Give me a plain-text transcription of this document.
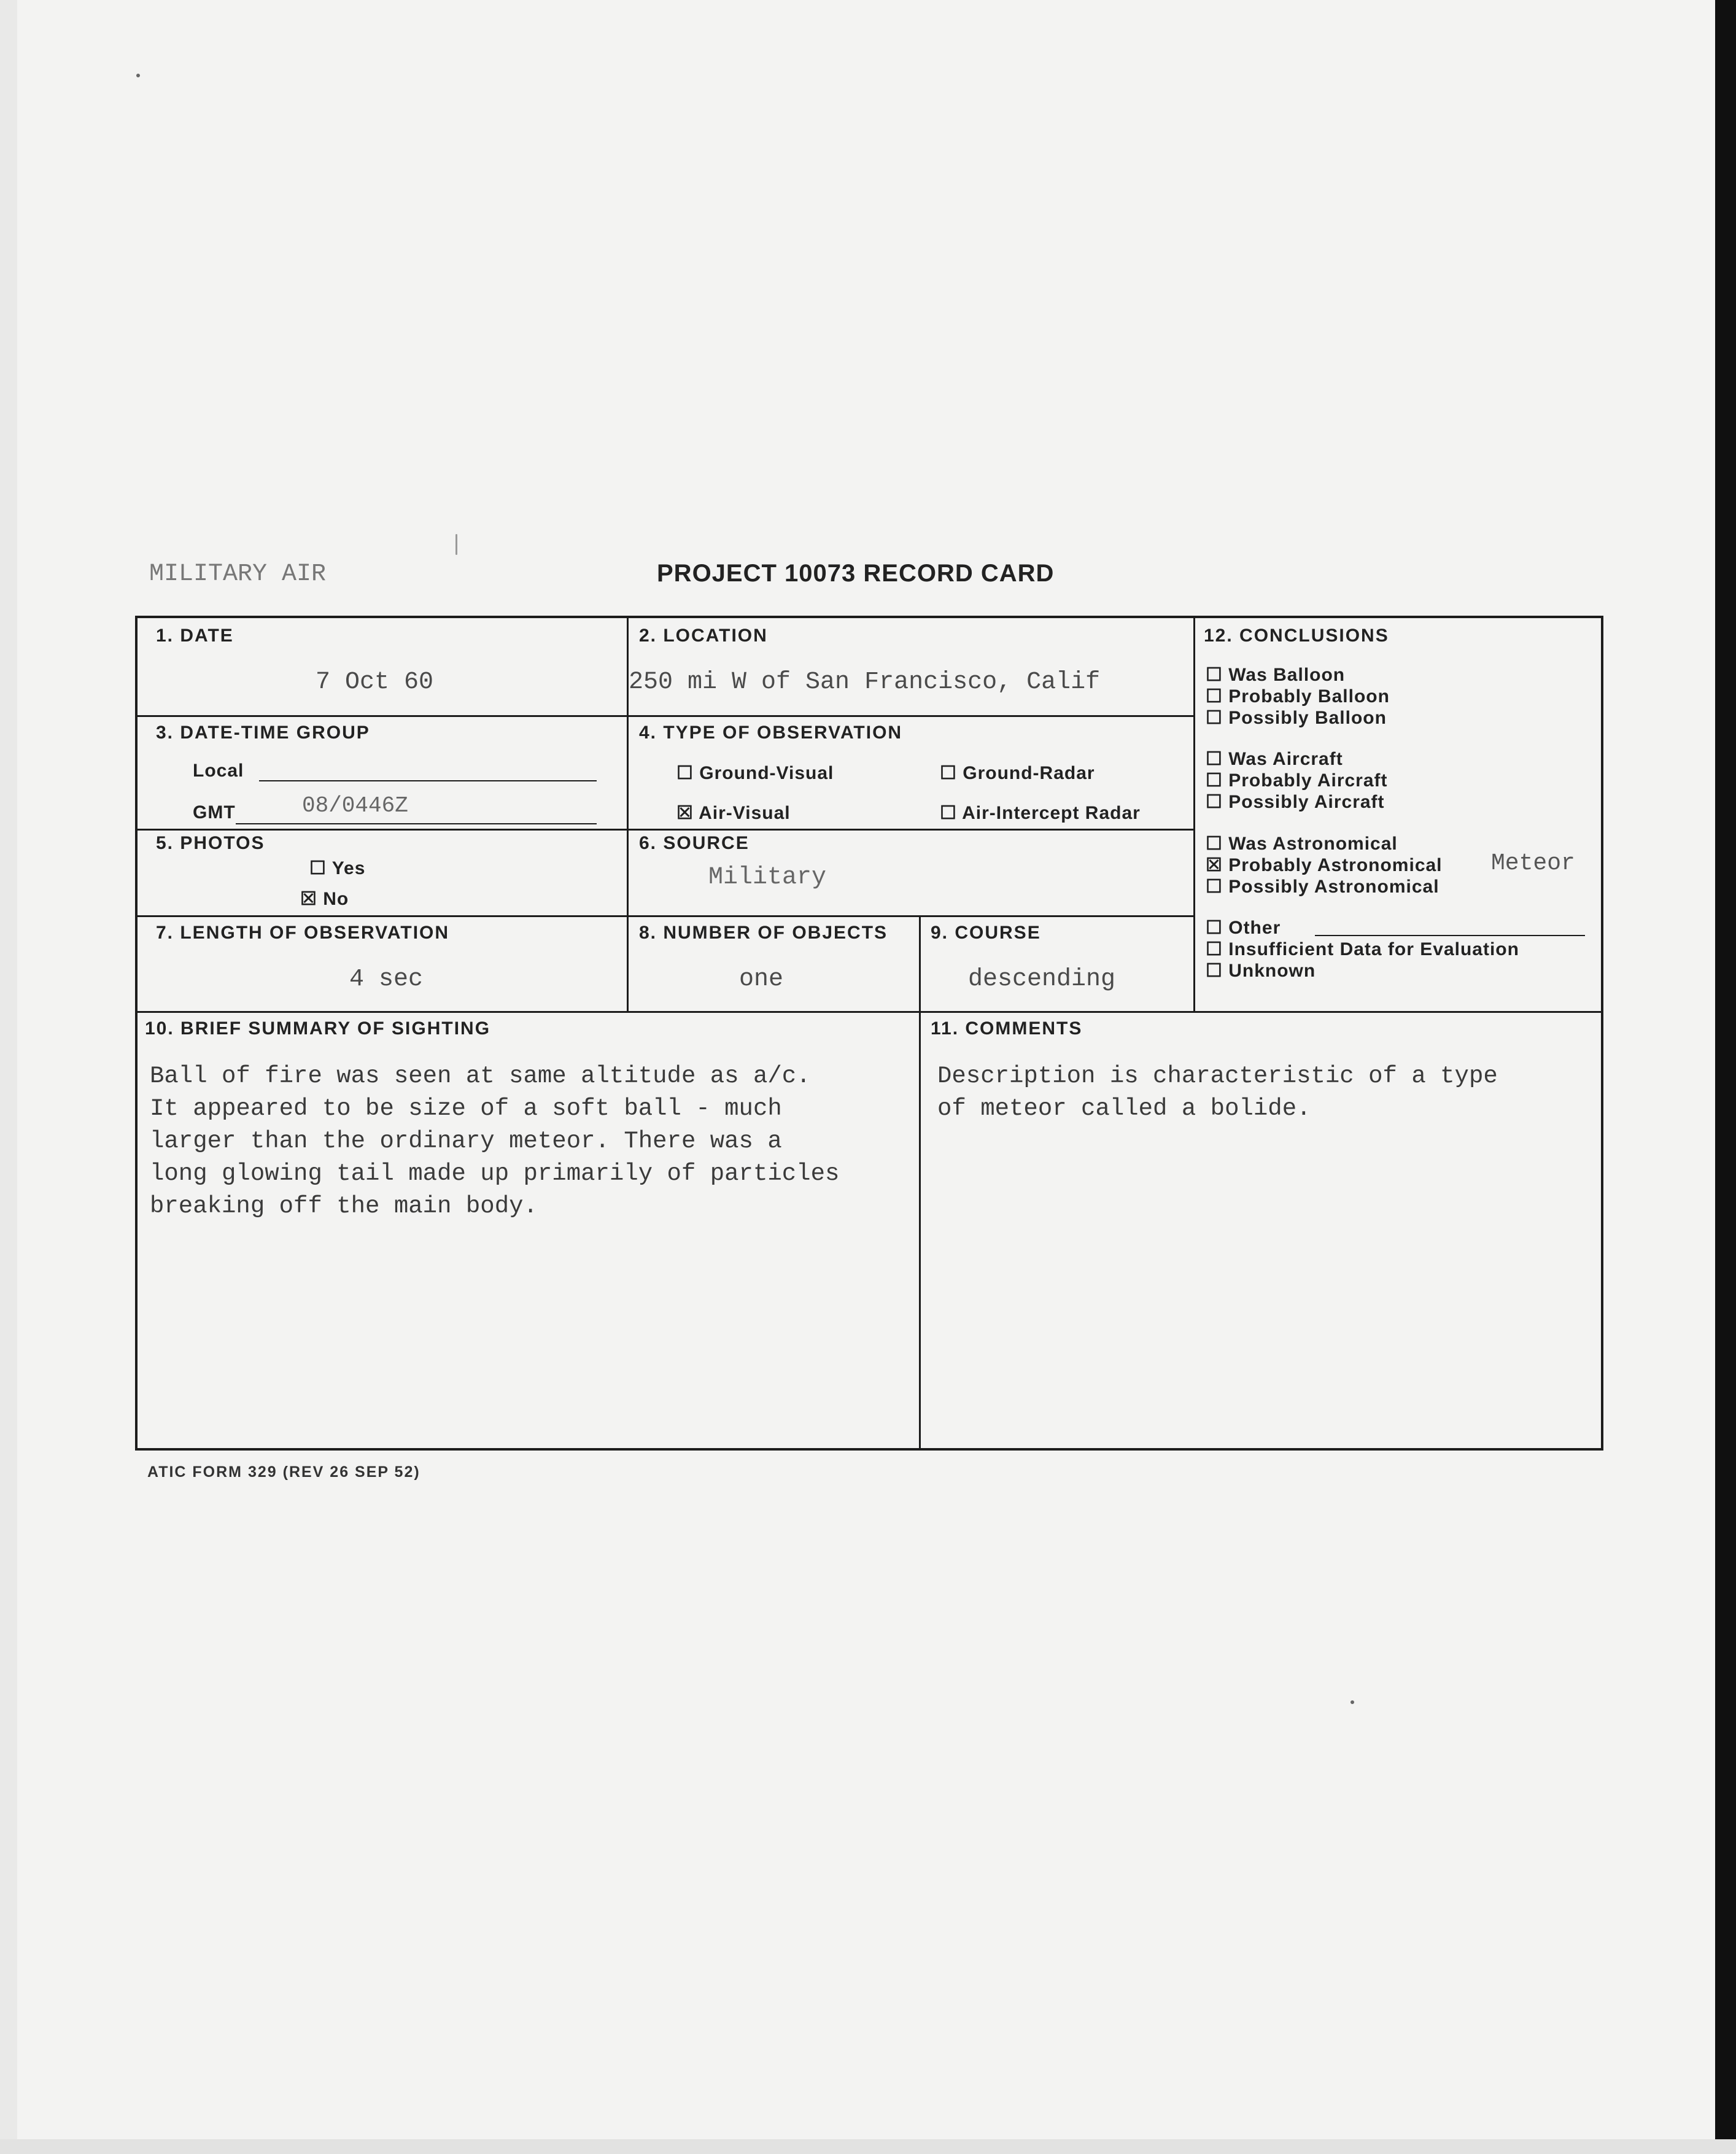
MILITARY AIR	PROJECT 10073 RECORD CARD
1. DATE
7 Oct 60
2. LOCATION
250 mi W of San Francisco, Calif
3. DATE-TIME GROUP
Local
GMT	08/0446Z
4. TYPE OF OBSERVATION
☐ Ground-Visual	☐ Ground-Radar
☒ Air-Visual	☐ Air-Intercept Radar
5. PHOTOS
☐ Yes
☒ No
6. SOURCE
Military
7. LENGTH OF OBSERVATION
4 sec
8. NUMBER OF OBJECTS
one
9. COURSE
descending
12. CONCLUSIONS
☐ Was Balloon
☐ Probably Balloon
☐ Possibly Balloon
☐ Was Aircraft
☐ Probably Aircraft
☐ Possibly Aircraft
☐ Was Astronomical
☒ Probably Astronomical Meteor
☐ Possibly Astronomical
☐ Other
☐ Insufficient Data for Evaluation
☐ Unknown
10. BRIEF SUMMARY OF SIGHTING
Ball of fire was seen at same altitude as a/c.
It appeared to be size of a soft ball - much
larger than the ordinary meteor. There was a
long glowing tail made up primarily of particles
breaking off the main body.
11. COMMENTS
Description is characteristic of a type
of meteor called a bolide.
ATIC FORM 329 (REV 26 SEP 52)
